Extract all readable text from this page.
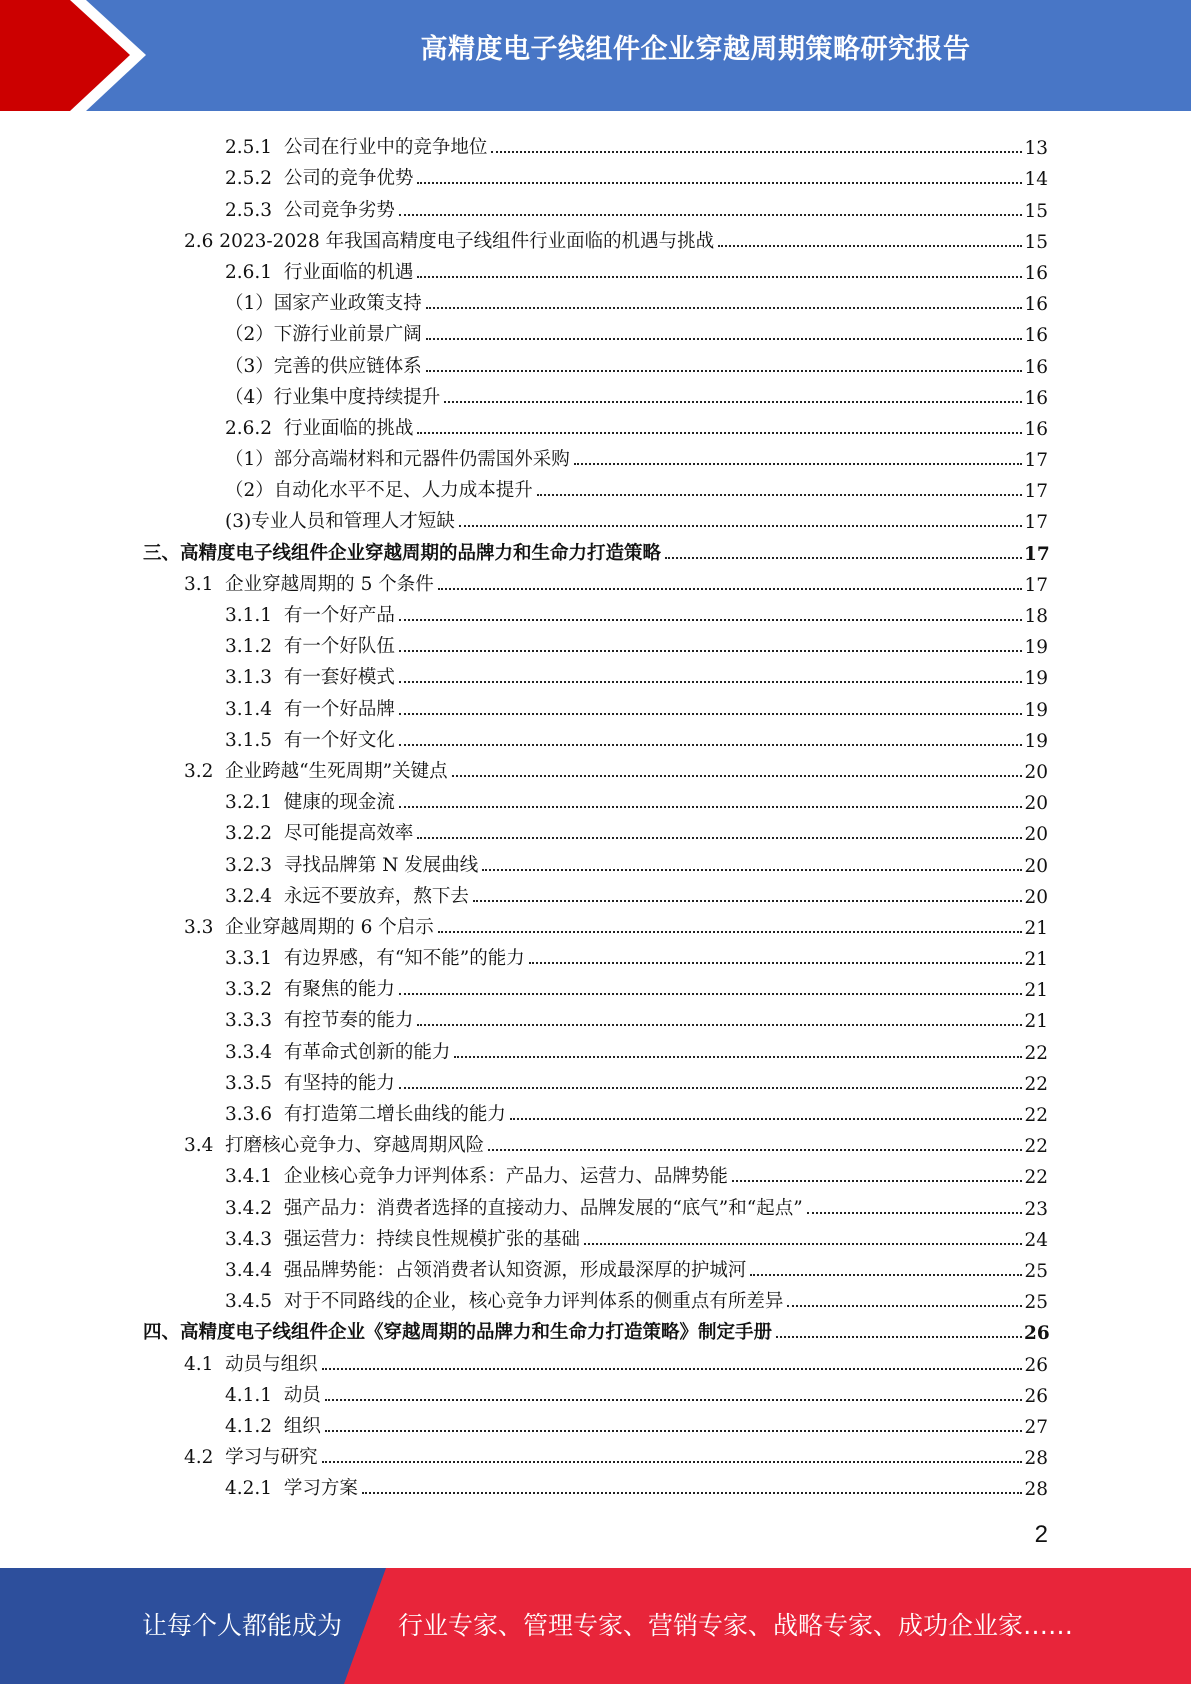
高精度电子线组件企业穿越周期策略研究报告
2.5.1  公司在行业中的竞争地位	13
2.5.2  公司的竞争优势	14
2.5.3  公司竞争劣势	15
2.6 2023-2028 年我国高精度电子线组件行业面临的机遇与挑战	15
2.6.1  行业面临的机遇	16
（1）国家产业政策支持	16
（2）下游行业前景广阔	16
（3）完善的供应链体系	16
（4）行业集中度持续提升	16
2.6.2  行业面临的挑战	16
（1）部分高端材料和元器件仍需国外采购	17
（2）自动化水平不足、人力成本提升	17
(3)专业人员和管理人才短缺	17
三、高精度电子线组件企业穿越周期的品牌力和生命力打造策略	17
3.1  企业穿越周期的 5 个条件	17
3.1.1  有一个好产品	18
3.1.2  有一个好队伍	19
3.1.3  有一套好模式	19
3.1.4  有一个好品牌	19
3.1.5  有一个好文化	19
3.2  企业跨越“生死周期”关键点	20
3.2.1  健康的现金流	20
3.2.2  尽可能提高效率	20
3.2.3  寻找品牌第 N 发展曲线	20
3.2.4  永远不要放弃，熬下去	20
3.3  企业穿越周期的 6 个启示	21
3.3.1  有边界感，有“知不能”的能力	21
3.3.2  有聚焦的能力	21
3.3.3  有控节奏的能力	21
3.3.4  有革命式创新的能力	22
3.3.5  有坚持的能力	22
3.3.6  有打造第二增长曲线的能力	22
3.4  打磨核心竞争力、穿越周期风险	22
3.4.1  企业核心竞争力评判体系：产品力、运营力、品牌势能	22
3.4.2  强产品力：消费者选择的直接动力、品牌发展的“底气”和“起点”	23
3.4.3  强运营力：持续良性规模扩张的基础	24
3.4.4  强品牌势能：占领消费者认知资源，形成最深厚的护城河	25
3.4.5  对于不同路线的企业，核心竞争力评判体系的侧重点有所差异	25
四、高精度电子线组件企业《穿越周期的品牌力和生命力打造策略》制定手册	26
4.1  动员与组织	26
4.1.1  动员	26
4.1.2  组织	27
4.2  学习与研究	28
4.2.1  学习方案	28
2
让每个人都能成为 行业专家、管理专家、营销专家、战略专家、成功企业家……
